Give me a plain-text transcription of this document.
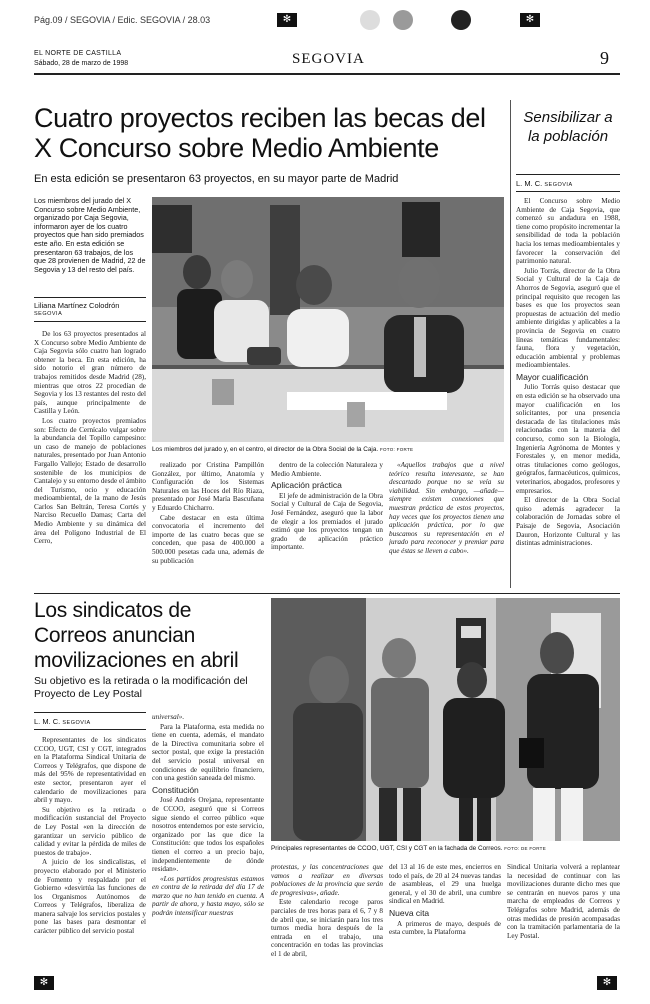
✻	✻
✻	✻
Pág.09 / SEGOVIA / Edic. SEGOVIA / 28.03
EL NORTE DE CASTILLA
Sábado, 28 de marzo de 1998	SEGOVIA	9
Cuatro proyectos reciben las becas del X Concurso sobre Medio Ambiente
En esta edición se presentaron 63 proyectos, en su mayor parte de Madrid
Los miembros del jurado del X Concurso sobre Medio Ambiente, organizado por Caja Segovia, informaron ayer de los cuatro proyectos que han sido premiados este año. En esta edición se presentaron 63 trabajos, de los que 28 provienen de Madrid, 22 de Segovia y 13 del resto del país.
Liliana Martínez Colodrón
SEGOVIA
Los miembros del jurado y, en el centro, el director de la Obra Social de la Caja. FOTO: FORTE

De los 63 proyectos presentados al X Concurso sobre Medio Ambiente de Caja Segovia sólo cuatro han logrado obtener la beca. En esta edición, ha sido notorio el gran número de trabajos remitidos desde Madrid (28), mientras que otros 22 procedían de Segovia y los 13 restantes del resto del país, aunque principalmente de Castilla y León.

Los cuatro proyectos premiados son: Efecto de Cernícalo vulgar sobre la abundancia del Topillo campesino: un caso de manejo de poblaciones naturales, presentado por Juan Antonio Fargallo Vallejo; Estado de desarrollo sostenible de los municipios de Cantalejo y su entorno desde el ámbito del Turismo, ocio y educación medioambiental, de la mano de Jesús Carlos San Beltrán, Teresa Cortés y Narciso Recuello Damas; Carta del Medio Ambiente y su dinámica del área del Polígono Industrial de El Cerro,

realizado por Cristina Pampillón González, por último, Anatomía y Configuración de los Sistemas Naturales en las Hoces del Río Riaza, presentado por José María Bascuñana y Eduardo Chicharro.

Cabe destacar en esta última convocatoria el incremento del importe de las cuatro becas que se conceden, que pasa de 400.000 a 500.000 pesetas cada una, además de su publicación

dentro de la colección Naturaleza y Medio Ambiente.

Aplicación práctica

El jefe de administración de la Obra Social y Cultural de Caja de Segovia, José Fernández, aseguró que la labor de elegir a los premiados el jurado estimó que los proyectos tengan un grado de aplicación práctico importante.

«Aquellos trabajos que a nivel teórico resulta interesante, se han descartado porque no se veía su viabilidad. Sin embargo, —añade— siempre existen conexiones que muestran práctica de estos proyectos, hay veces que los proyectos tienen una aplicación práctica, por lo que buscamos su representación en el jurado para reconocer y premiar para que éstas se lleven a cabo».

Sensibilizar a la población
L. M. C. SEGOVIA

El Concurso sobre Medio Ambiente de Caja Segovia, que comenzó su andadura en 1988, tiene como propósito incrementar la sensibilidad de toda la población hacia los temas medioambientales y favorecer la conservación del patrimonio natural.

Julio Torrás, director de la Obra Social y Cultural de la Caja de Ahorros de Segovia, aseguró que el principal requisito que recogen las bases es que los proyectos sean propuestas de actuación del medio ambiente dirigidas y aplicables a la provincia de Segovia en cuatro líneas temáticas fundamentales: fauna, flora y vegetación, educación ambiental y problemas medioambientales.

Mayor cualificación

Julio Torrás quiso destacar que en esta edición se ha observado una mayor cualificación en los solicitantes, por una presencia destacada de las titulaciones más relacionadas con la materia del concurso, como son la Biología, Ingeniería Agrónoma de Montes y Forestales y, en menor medida, otras titulaciones como geólogos, geógrafos, farmacéuticos, químicos, veterinarios, abogados, profesores y empresarios.

El director de la Obra Social quiso además agradecer la colaboración de Jornadas sobre el Paisaje de Segovia, Asociación Dauron, Horizonte Cultural y las distintas administraciones.

Los sindicatos de Correos anuncian movilizaciones en abril
Su objetivo es la retirada o la modificación del Proyecto de Ley Postal
L. M. C. SEGOVIA
Principales representantes de CCOO, UGT, CSI y CGT en la fachada de Correos. FOTO: DE FORTE

Representantes de los sindicatos CCOO, UGT, CSI y CGT, integrados en la Plataforma Sindical Unitaria de Correos y Telégrafos, que dispone de más del 95% de representatividad en este sector, presentaron ayer el calendario de movilizaciones para abril y mayo.

Su objetivo es la retirada o modificación sustancial del Proyecto de Ley Postal «en la dirección de garantizar un servicio público de calidad y evitar la pérdida de miles de puestos de trabajo».

A juicio de los sindicalistas, el proyecto elaborado por el Ministerio de Fomento y respaldado por el Gobierno «desvirtúa las funciones de los Organismos Autónomos de Correos y Telégrafos, liberaliza de manera salvaje los servicios postales y pone las bases para desmontar el carácter público del servicio postal

universal».

Para la Plataforma, esta medida no tiene en cuenta, además, el mandato de la Directiva comunitaria sobre el sector postal, que exige la prestación del servicio postal universal en condiciones de equilibrio financiero, con una gestión saneada del mismo.

Constitución

José Andrés Orejana, representante de CCOO, aseguró que si Correos sigue siendo el correo público «que nosotros entendemos por este servicio, organizado por las que dice la Constitución: que todos los españoles tienen el correo a un precio bajo, independientemente de dónde residan».

«Los partidos progresistas estamos en contra de la retirada del día 17 de marzo que no han tenido en cuenta. A partir de ahora, y hasta mayo, sólo se podrán intensificar nuestras

protestas, y las concentraciones que vamos a realizar en diversas poblaciones de la provincia que serán de progresivas», añade.

Este calendario recoge paros parciales de tres horas para el 6, 7 y 8 de abril que, se iniciarán para los tres turnos media hora después de la entrada en el trabajo, una concentración en todas las provincias el 1 de abril,

del 13 al 16 de este mes, encierros en todo el país, de 20 al 24 nuevas tandas de asambleas, el 29 una huelga general, y el 30 de abril, una cumbre sindical en Madrid.

Nueva cita

A primeros de mayo, después de esta cumbre, la Plataforma

Sindical Unitaria volverá a replantear la necesidad de continuar con las movilizaciones durante dicho mes que se centrarán en nuevos paros y una marcha de empleados de Correos y Telégrafos sobre Madrid, además de otras medidas de presión acompasadas con la tramitación parlamentaria de la Ley Postal.
